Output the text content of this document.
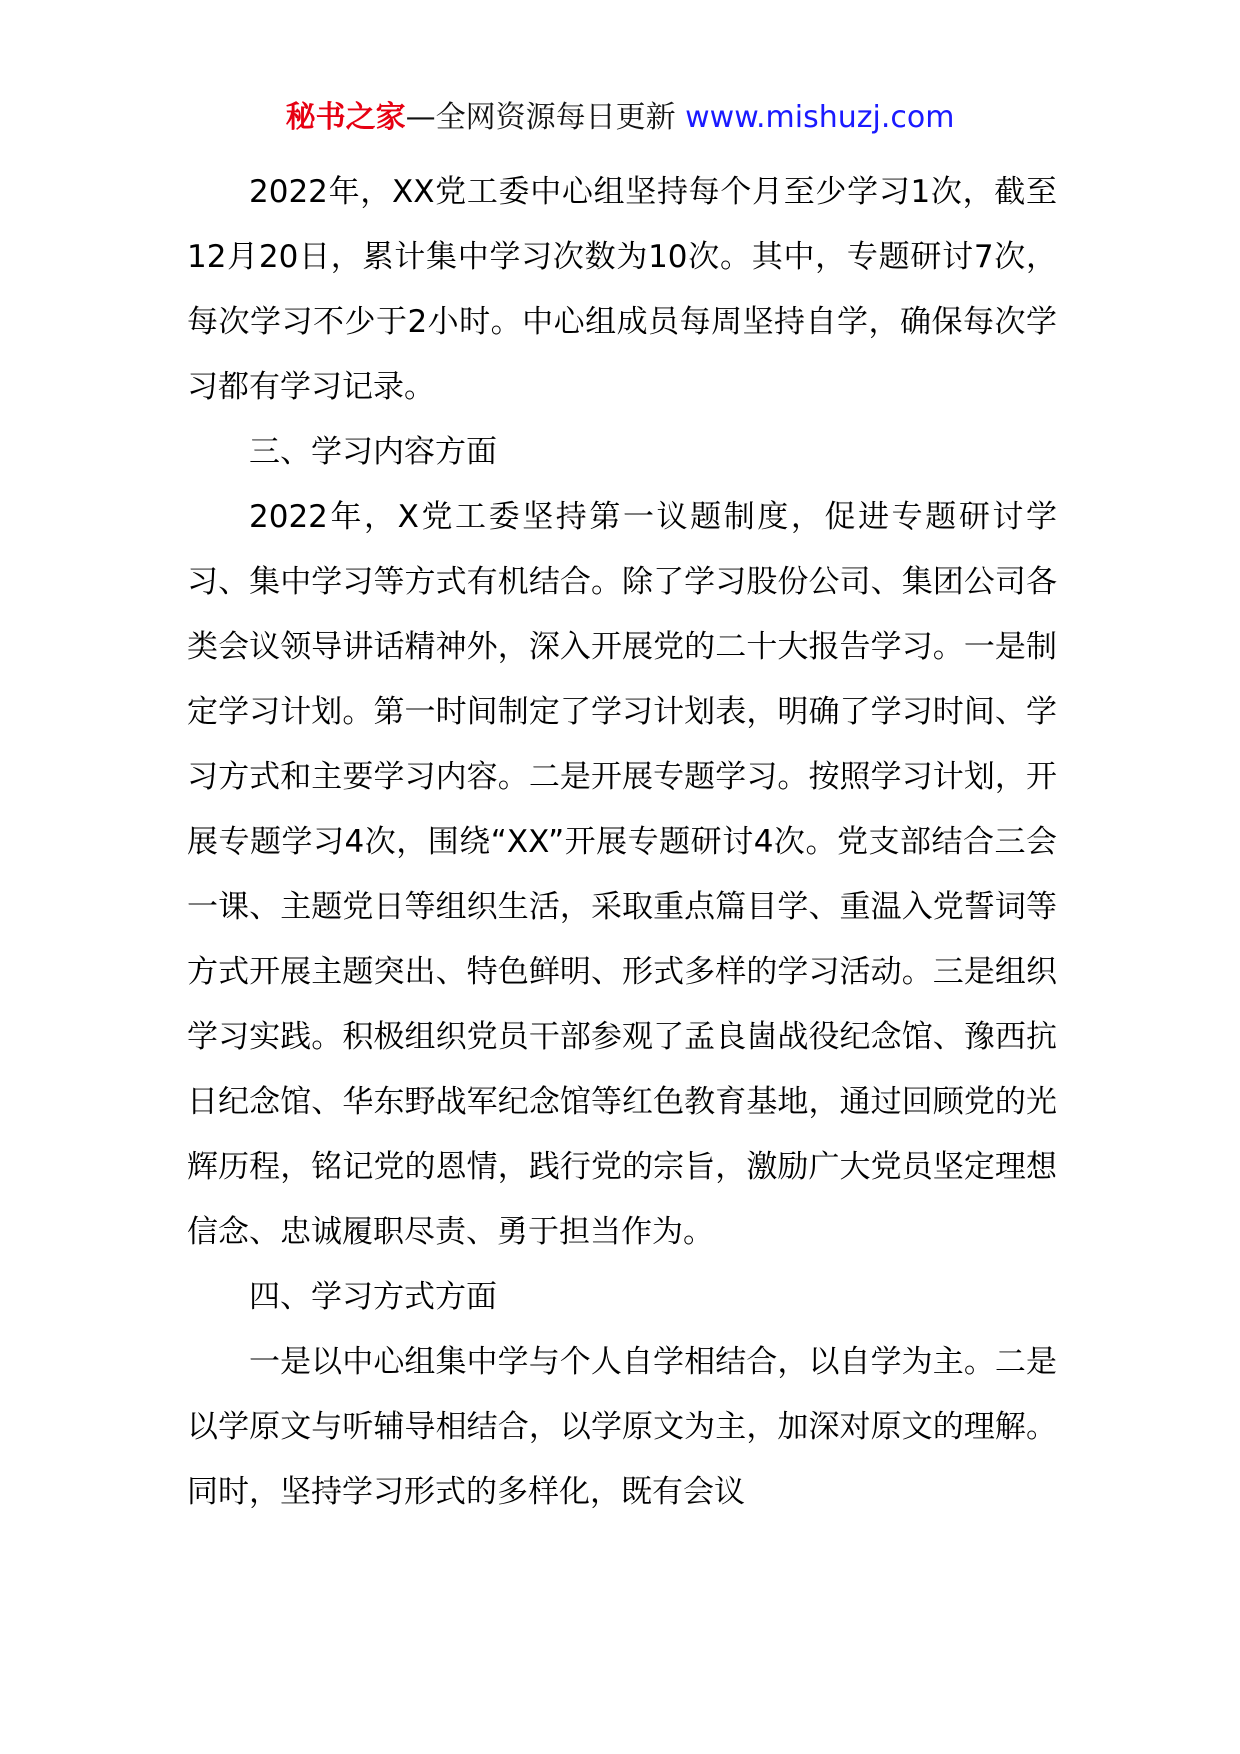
秘书之家—全网资源每日更新 www.mishuzj.com

2022年，XX党工委中心组坚持每个月至少学习1次，截至12月20日，累计集中学习次数为10次。其中，专题研讨7次，每次学习不少于2小时。中心组成员每周坚持自学，确保每次学习都有学习记录。

三、学习内容方面

2022年，X党工委坚持第一议题制度，促进专题研讨学习、集中学习等方式有机结合。除了学习股份公司、集团公司各类会议领导讲话精神外，深入开展党的二十大报告学习。一是制定学习计划。第一时间制定了学习计划表，明确了学习时间、学习方式和主要学习内容。二是开展专题学习。按照学习计划，开展专题学习4次，围绕“XX”开展专题研讨4次。党支部结合三会一课、主题党日等组织生活，采取重点篇目学、重温入党誓词等方式开展主题突出、特色鲜明、形式多样的学习活动。三是组织学习实践。积极组织党员干部参观了孟良崮战役纪念馆、豫西抗日纪念馆、华东野战军纪念馆等红色教育基地，通过回顾党的光辉历程，铭记党的恩情，践行党的宗旨，激励广大党员坚定理想信念、忠诚履职尽责、勇于担当作为。

四、学习方式方面

一是以中心组集中学与个人自学相结合，以自学为主。二是以学原文与听辅导相结合，以学原文为主，加深对原文的理解。同时，坚持学习形式的多样化，既有会议
